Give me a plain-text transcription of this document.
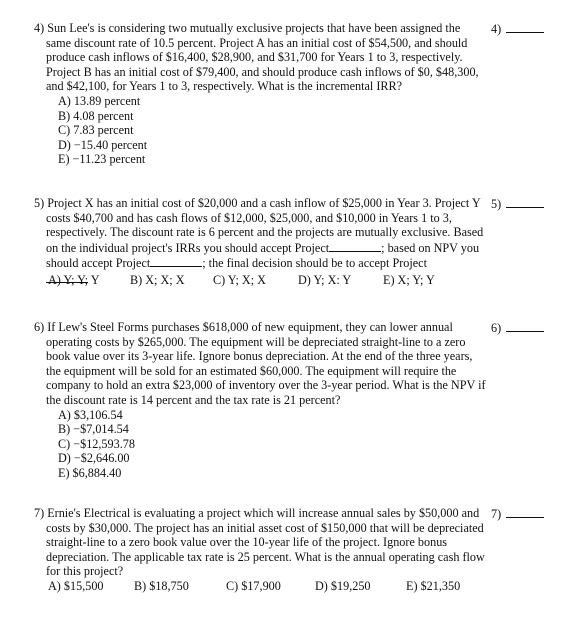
4) Sun Lee's is considering two mutually exclusive projects that have been assigned the same discount rate of 10.5 percent. Project A has an initial cost of $54,500, and should produce cash inflows of $16,400, $28,900, and $31,700 for Years 1 to 3, respectively. Project B has an initial cost of $79,400, and should produce cash inflows of $0, $48,300, and $42,100, for Years 1 to 3, respectively. What is the incremental IRR?

A) 13.89 percent
B) 4.08 percent
C) 7.83 percent
D) −15.40 percent
E) −11.23 percent
4)

5) Project X has an initial cost of $20,000 and a cash inflow of $25,000 in Year 3. Project Y costs $40,700 and has cash flows of $12,000, $25,000, and $10,000 in Years 1 to 3, respectively. The discount rate is 6 percent and the projects are mutually exclusive. Based on the individual project's IRRs you should accept Project	; based on NPV you should accept Project	; the final decision should be to accept Project

A) Y; Y; Y B) X; X; X C) Y; X; X	D) Y; X: Y	E) X; Y; Y
5)

6) If Lew's Steel Forms purchases $618,000 of new equipment, they can lower annual operating costs by $265,000. The equipment will be depreciated straight-line to a zero book value over its 3-year life. Ignore bonus depreciation. At the end of the three years, the equipment will be sold for an estimated $60,000. The equipment will require the company to hold an extra $23,000 of inventory over the 3-year period. What is the NPV if the discount rate is 14 percent and the tax rate is 21 percent?

A) $3,106.54
B) −$7,014.54
C) −$12,593.78
D) −$2,646.00
E) $6,884.40
6)

7) Ernie's Electrical is evaluating a project which will increase annual sales by $50,000 and costs by $30,000. The project has an initial asset cost of $150,000 that will be depreciated straight-line to a zero book value over the 10-year life of the project. Ignore bonus depreciation. The applicable tax rate is 25 percent. What is the annual operating cash flow for this project?

A) $15,500 B) $18,750	C) $17,900	D) $19,250	E) $21,350
7)
